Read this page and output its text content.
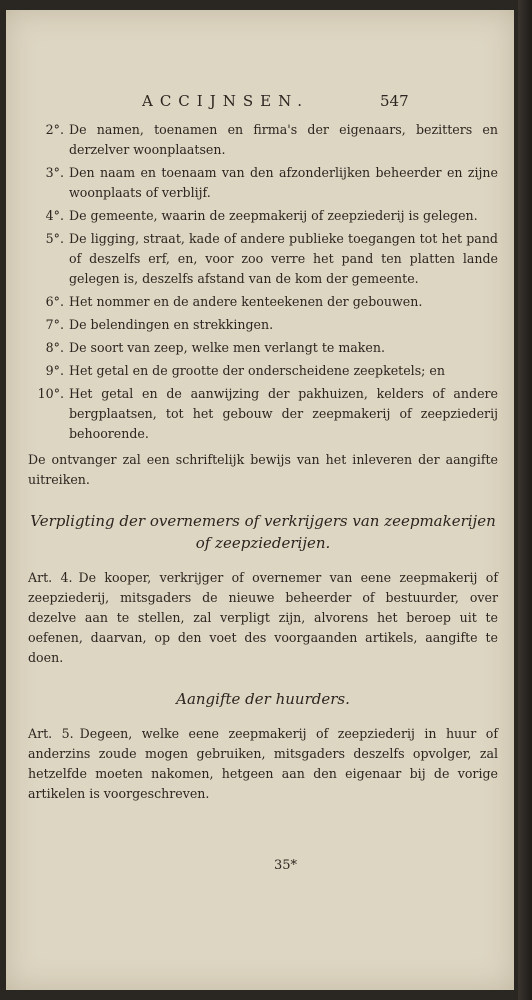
ACCIJNSEN.	547
2°. De namen, toenamen en firma's der eigenaars, bezitters en derzelver woonplaatsen.
3°. Den naam en toenaam van den afzonderlijken beheerder en zijne woonplaats of verblijf.
4°. De gemeente, waarin de zeepmakerij of zeepziederij is gelegen.
5°. De ligging, straat, kade of andere publieke toegangen tot het pand of deszelfs erf, en, voor zoo verre het pand ten platten lande gelegen is, deszelfs afstand van de kom der gemeente.
6°. Het nommer en de andere kenteekenen der gebouwen.
7°. De belendingen en strekkingen.
8°. De soort van zeep, welke men verlangt te maken.
9°. Het getal en de grootte der onderscheidene zeepketels; en
10°. Het getal en de aanwijzing der pakhuizen, kelders of andere bergplaatsen, tot het gebouw der zeepmakerij of zeepziederij behoorende.

De ontvanger zal een schriftelijk bewijs van het inleveren der aangifte uitreiken.

Verpligting der overnemers of verkrijgers van zeepmakerijen of zeepziederijen.

Art. 4. De kooper, verkrijger of overnemer van eene zeepmakerij of zeepziederij, mitsgaders de nieuwe beheerder of bestuurder, over dezelve aan te stellen, zal verpligt zijn, alvorens het beroep uit te oefenen, daarvan, op den voet des voorgaanden artikels, aangifte te doen.

Aangifte der huurders.

Art. 5. Degeen, welke eene zeepmakerij of zeepziederij in huur of anderzins zoude mogen gebruiken, mitsgaders deszelfs opvolger, zal hetzelfde moeten nakomen, hetgeen aan den eigenaar bij de vorige artikelen is voorgeschreven.

35*
